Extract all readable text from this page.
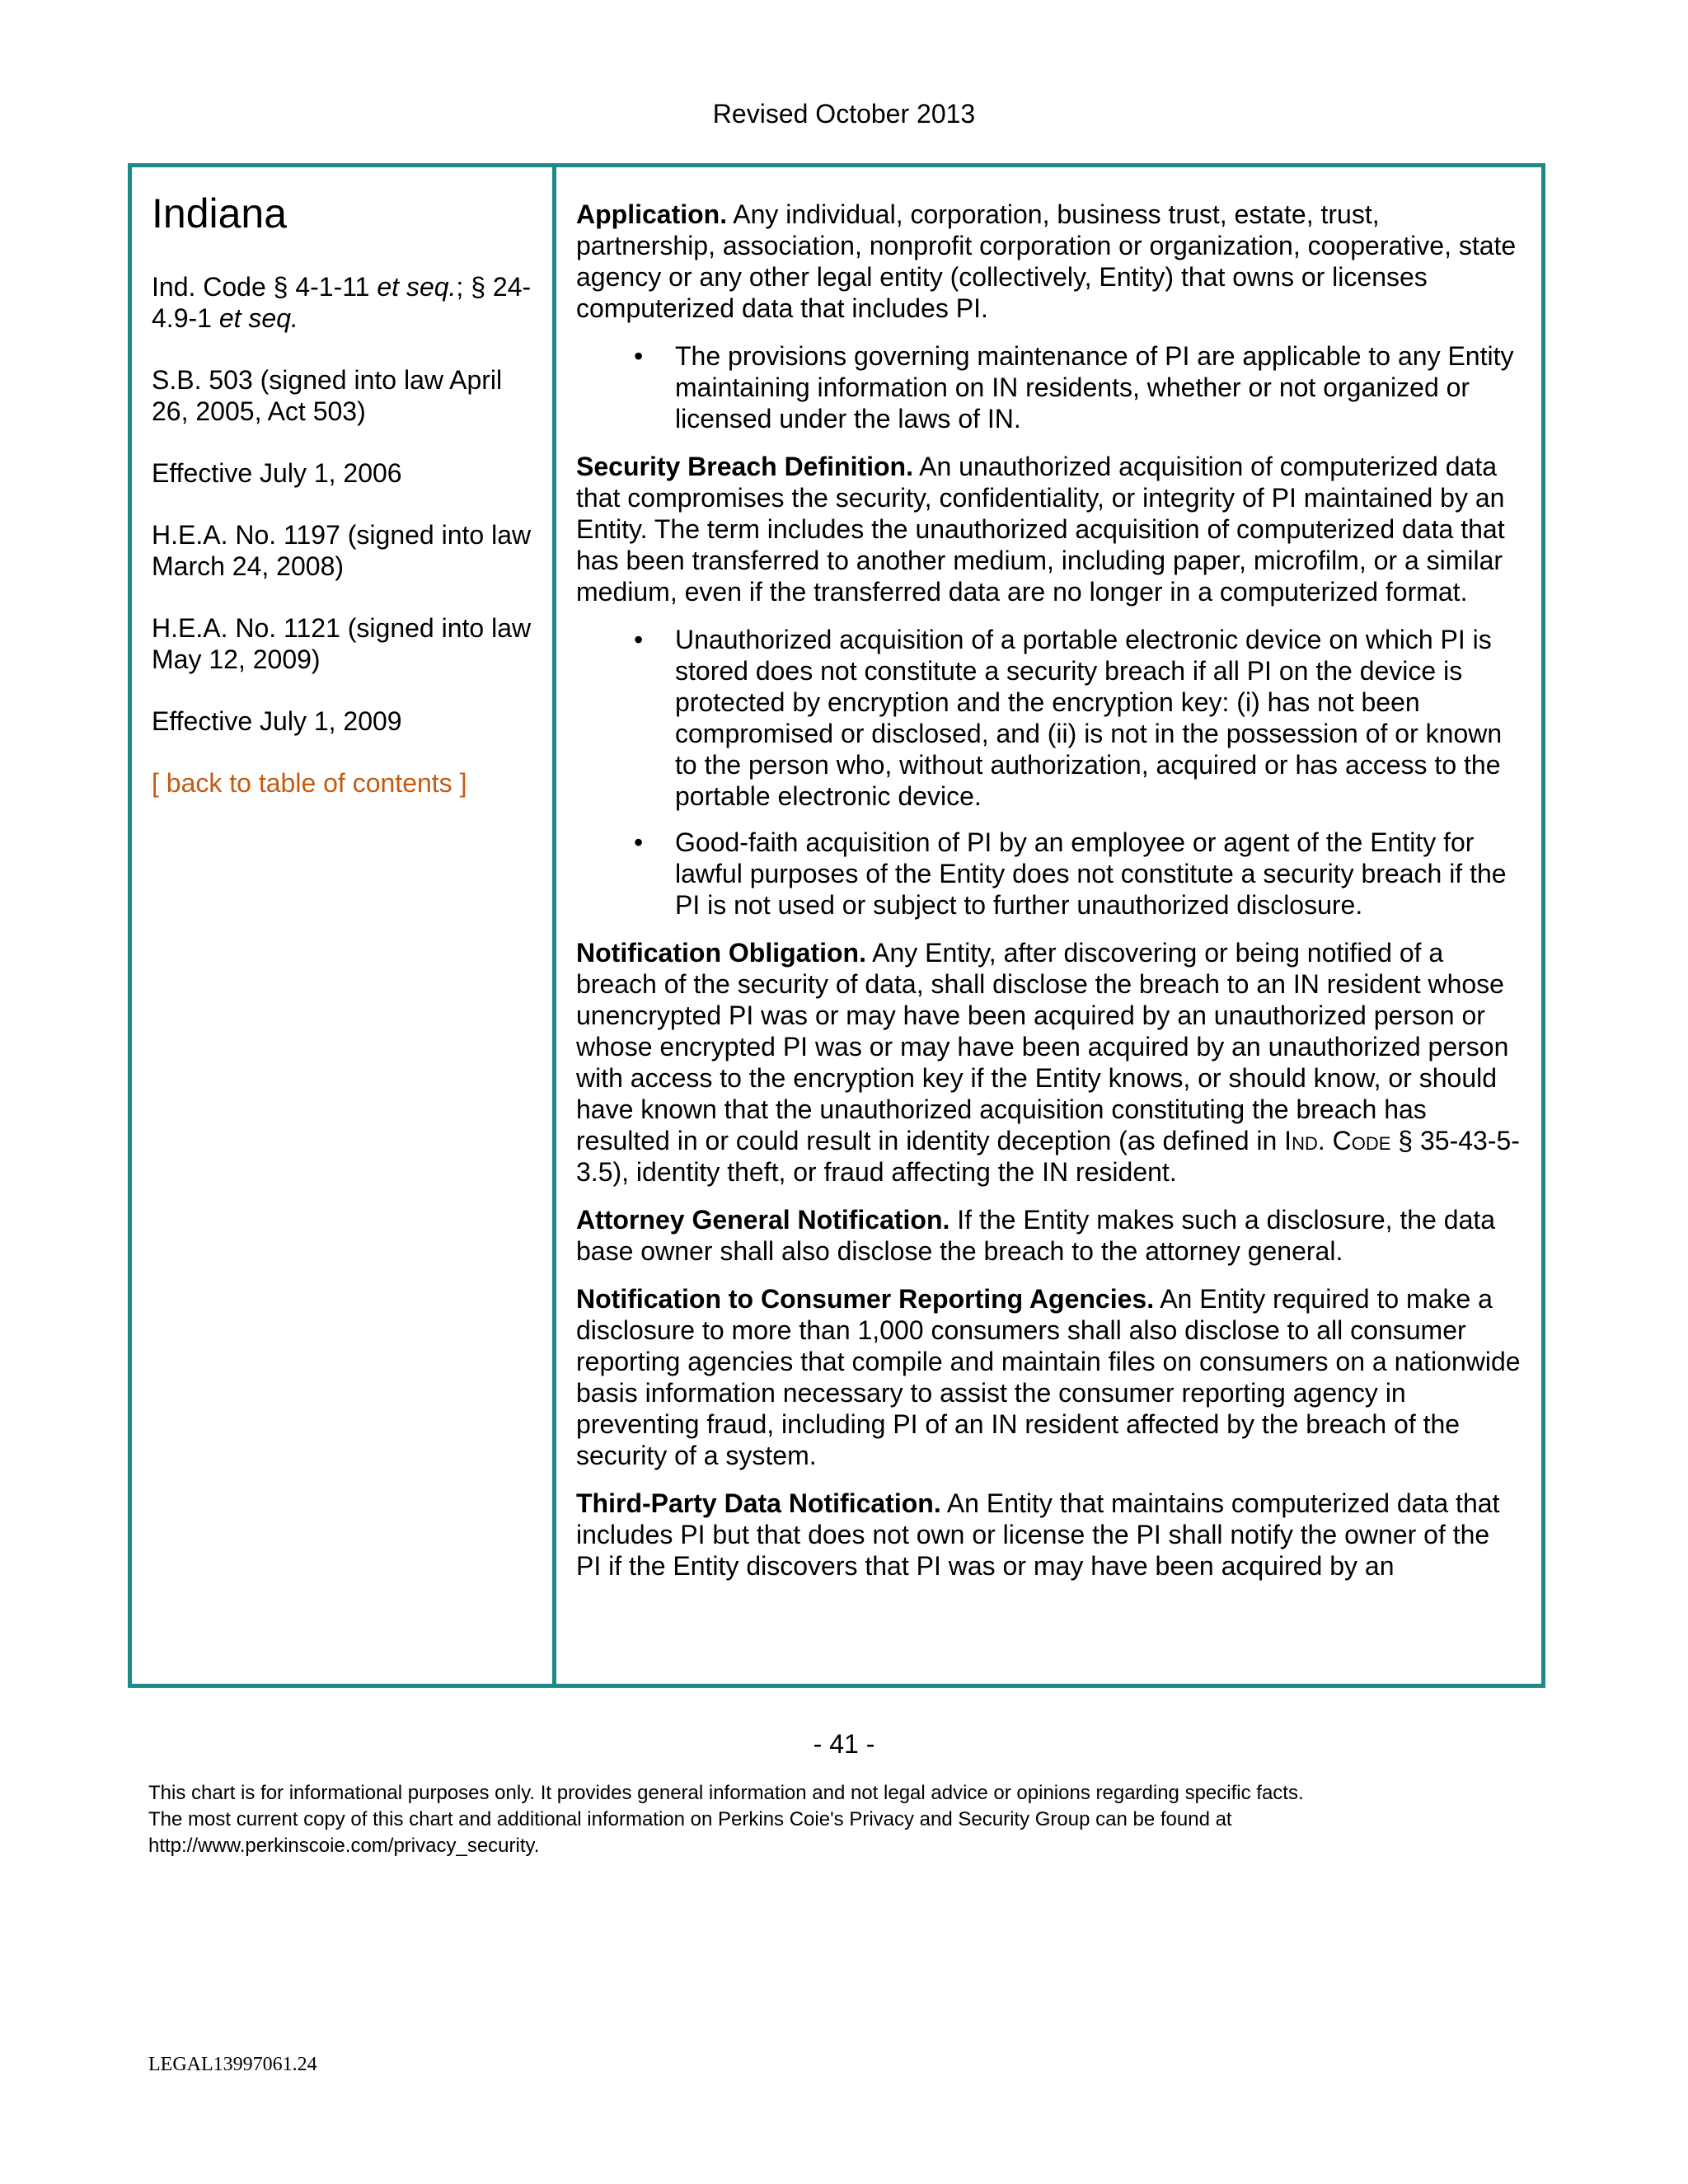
Revised October 2013
Indiana

Ind. Code § 4-1-11 et seq.; § 24-4.9-1 et seq.

S.B. 503 (signed into law April 26, 2005, Act 503)

Effective July 1, 2006

H.E.A. No. 1197 (signed into law March 24, 2008)

H.E.A. No. 1121 (signed into law May 12, 2009)

Effective July 1, 2009

[ back to table of contents ]

Application. Any individual, corporation, business trust, estate, trust, partnership, association, nonprofit corporation or organization, cooperative, state agency or any other legal entity (collectively, Entity) that owns or licenses computerized data that includes PI.

• The provisions governing maintenance of PI are applicable to any Entity maintaining information on IN residents, whether or not organized or licensed under the laws of IN.

Security Breach Definition. An unauthorized acquisition of computerized data that compromises the security, confidentiality, or integrity of PI maintained by an Entity. The term includes the unauthorized acquisition of computerized data that has been transferred to another medium, including paper, microfilm, or a similar medium, even if the transferred data are no longer in a computerized format.

• Unauthorized acquisition of a portable electronic device on which PI is stored does not constitute a security breach if all PI on the device is protected by encryption and the encryption key: (i) has not been compromised or disclosed, and (ii) is not in the possession of or known to the person who, without authorization, acquired or has access to the portable electronic device.
• Good-faith acquisition of PI by an employee or agent of the Entity for lawful purposes of the Entity does not constitute a security breach if the PI is not used or subject to further unauthorized disclosure.

Notification Obligation. Any Entity, after discovering or being notified of a breach of the security of data, shall disclose the breach to an IN resident whose unencrypted PI was or may have been acquired by an unauthorized person or whose encrypted PI was or may have been acquired by an unauthorized person with access to the encryption key if the Entity knows, or should know, or should have known that the unauthorized acquisition constituting the breach has resulted in or could result in identity deception (as defined in Ind. Code § 35-43-5-3.5), identity theft, or fraud affecting the IN resident.

Attorney General Notification. If the Entity makes such a disclosure, the data base owner shall also disclose the breach to the attorney general.

Notification to Consumer Reporting Agencies. An Entity required to make a disclosure to more than 1,000 consumers shall also disclose to all consumer reporting agencies that compile and maintain files on consumers on a nationwide basis information necessary to assist the consumer reporting agency in preventing fraud, including PI of an IN resident affected by the breach of the security of a system.

Third-Party Data Notification. An Entity that maintains computerized data that includes PI but that does not own or license the PI shall notify the owner of the PI if the Entity discovers that PI was or may have been acquired by an

- 41 -
This chart is for informational purposes only. It provides general information and not legal advice or opinions regarding specific facts.
The most current copy of this chart and additional information on Perkins Coie's Privacy and Security Group can be found at
http://www.perkinscoie.com/privacy_security.
LEGAL13997061.24
